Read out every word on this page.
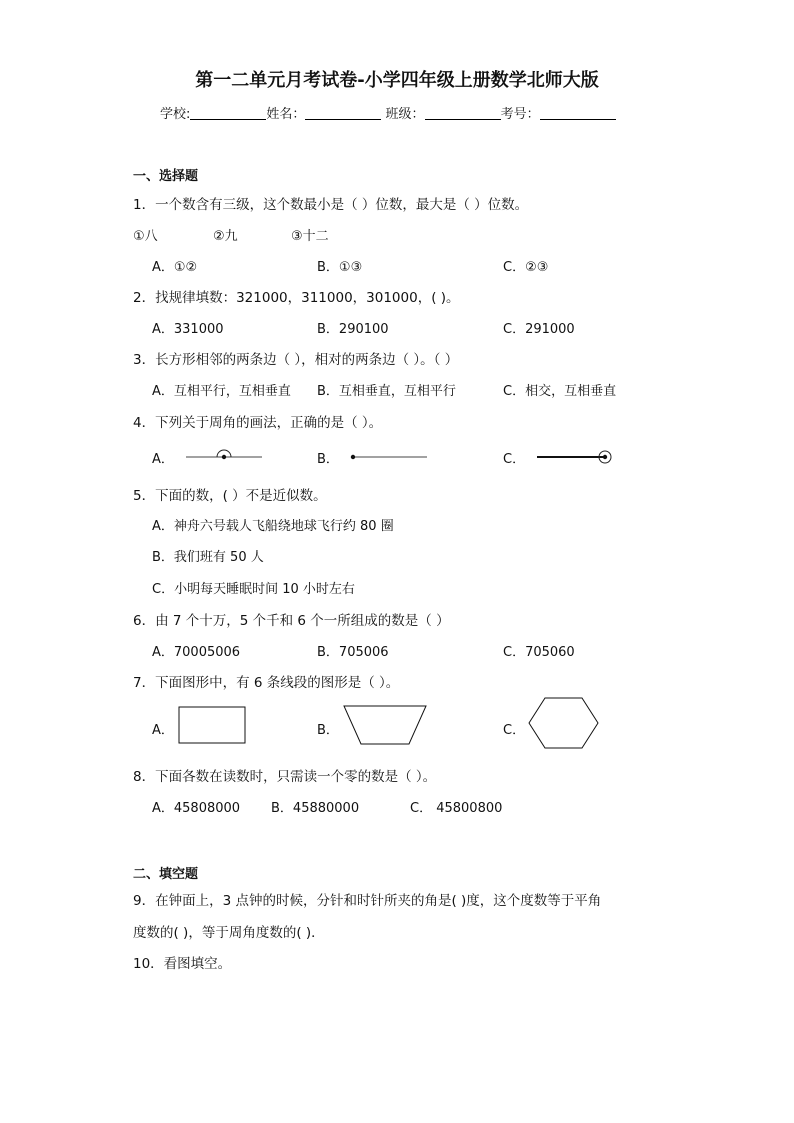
第一二单元月考试卷-小学四年级上册数学北师大版
学校:	姓名：	班级：	考号：
一、选择题
1．一个数含有三级，这个数最小是（ ）位数，最大是（ ）位数。
①八	②九	③十二
A．①②	B．①③	C．②③
2．找规律填数：321000，311000，301000，( )。
A．331000	B．290100	C．291000
3．长方形相邻的两条边（ ），相对的两条边（ ）。（ ）
A．互相平行，互相垂直 B．互相垂直，互相平行	C．相交，互相垂直
4．下列关于周角的画法，正确的是（ ）。
A．	B．	C．
5．下面的数，( ）不是近似数。
A．神舟六号载人飞船绕地球飞行约 80 圈
B．我们班有 50 人
C．小明每天睡眠时间 10 小时左右
6．由 7 个十万，5 个千和 6 个一所组成的数是（ ）
A．70005006	B．705006	C．705060
7．下面图形中，有 6 条线段的图形是（ ）。
A．	B．	C．
8．下面各数在读数时，只需读一个零的数是（ ）。
A．45808000 B．45880000	C． 45800800
二、填空题
9．在钟面上，3 点钟的时候，分针和时针所夹的角是( )度，这个度数等于平角
度数的( )，等于周角度数的( )．
10．看图填空。
